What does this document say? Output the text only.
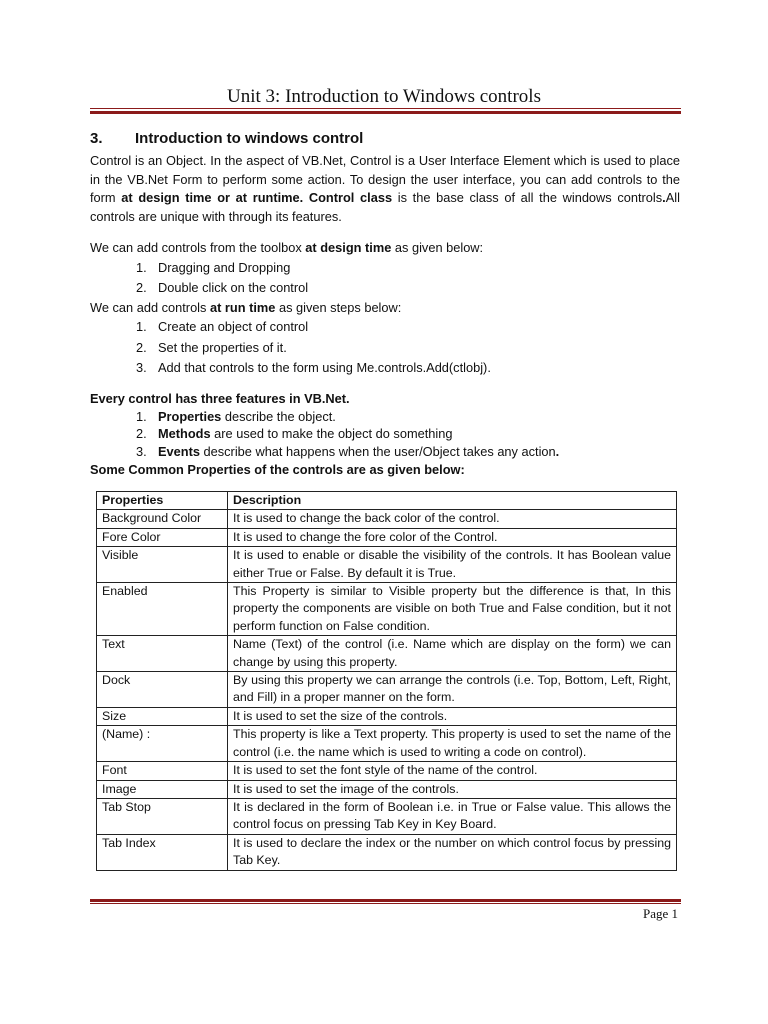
Unit 3: Introduction to Windows controls
3. Introduction to windows control
Control is an Object. In the aspect of VB.Net, Control is a User Interface Element which is used to place in the VB.Net Form to perform some action. To design the user interface, you can add controls to the form at design time or at runtime. Control class is the base class of all the windows controls.All controls are unique with through its features.
We can add controls from the toolbox at design time as given below:
1. Dragging and Dropping
2. Double click on the control
We can add controls at run time as given steps below:
1. Create an object of control
2. Set the properties of it.
3. Add that controls to the form using Me.controls.Add(ctlobj).
Every control has three features in VB.Net.
1. Properties describe the object.
2. Methods are used to make the object do something
3. Events describe what happens when the user/Object takes any action.
Some Common Properties of the controls are as given below:
Properties	Description
Background Color	It is used to change the back color of the control.
Fore Color	It is used to change the fore color of the Control.
Visible	It is used to enable or disable the visibility of the controls. It has Boolean value either True or False. By default it is True.
Enabled	This Property is similar to Visible property but the difference is that, In this property the components are visible on both True and False condition, but it not perform function on False condition.
Text	Name (Text) of the control (i.e. Name which are display on the form) we can change by using this property.
Dock	By using this property we can arrange the controls (i.e. Top, Bottom, Left, Right, and Fill) in a proper manner on the form.
Size	It is used to set the size of the controls.
(Name) :	This property is like a Text property. This property is used to set the name of the control (i.e. the name which is used to writing a code on control).
Font	It is used to set the font style of the name of the control.
Image	It is used to set the image of the controls.
Tab Stop	It is declared in the form of Boolean i.e. in True or False value. This allows the control focus on pressing Tab Key in Key Board.
Tab Index	It is used to declare the index or the number on which control focus by pressing Tab Key.
Page 1
